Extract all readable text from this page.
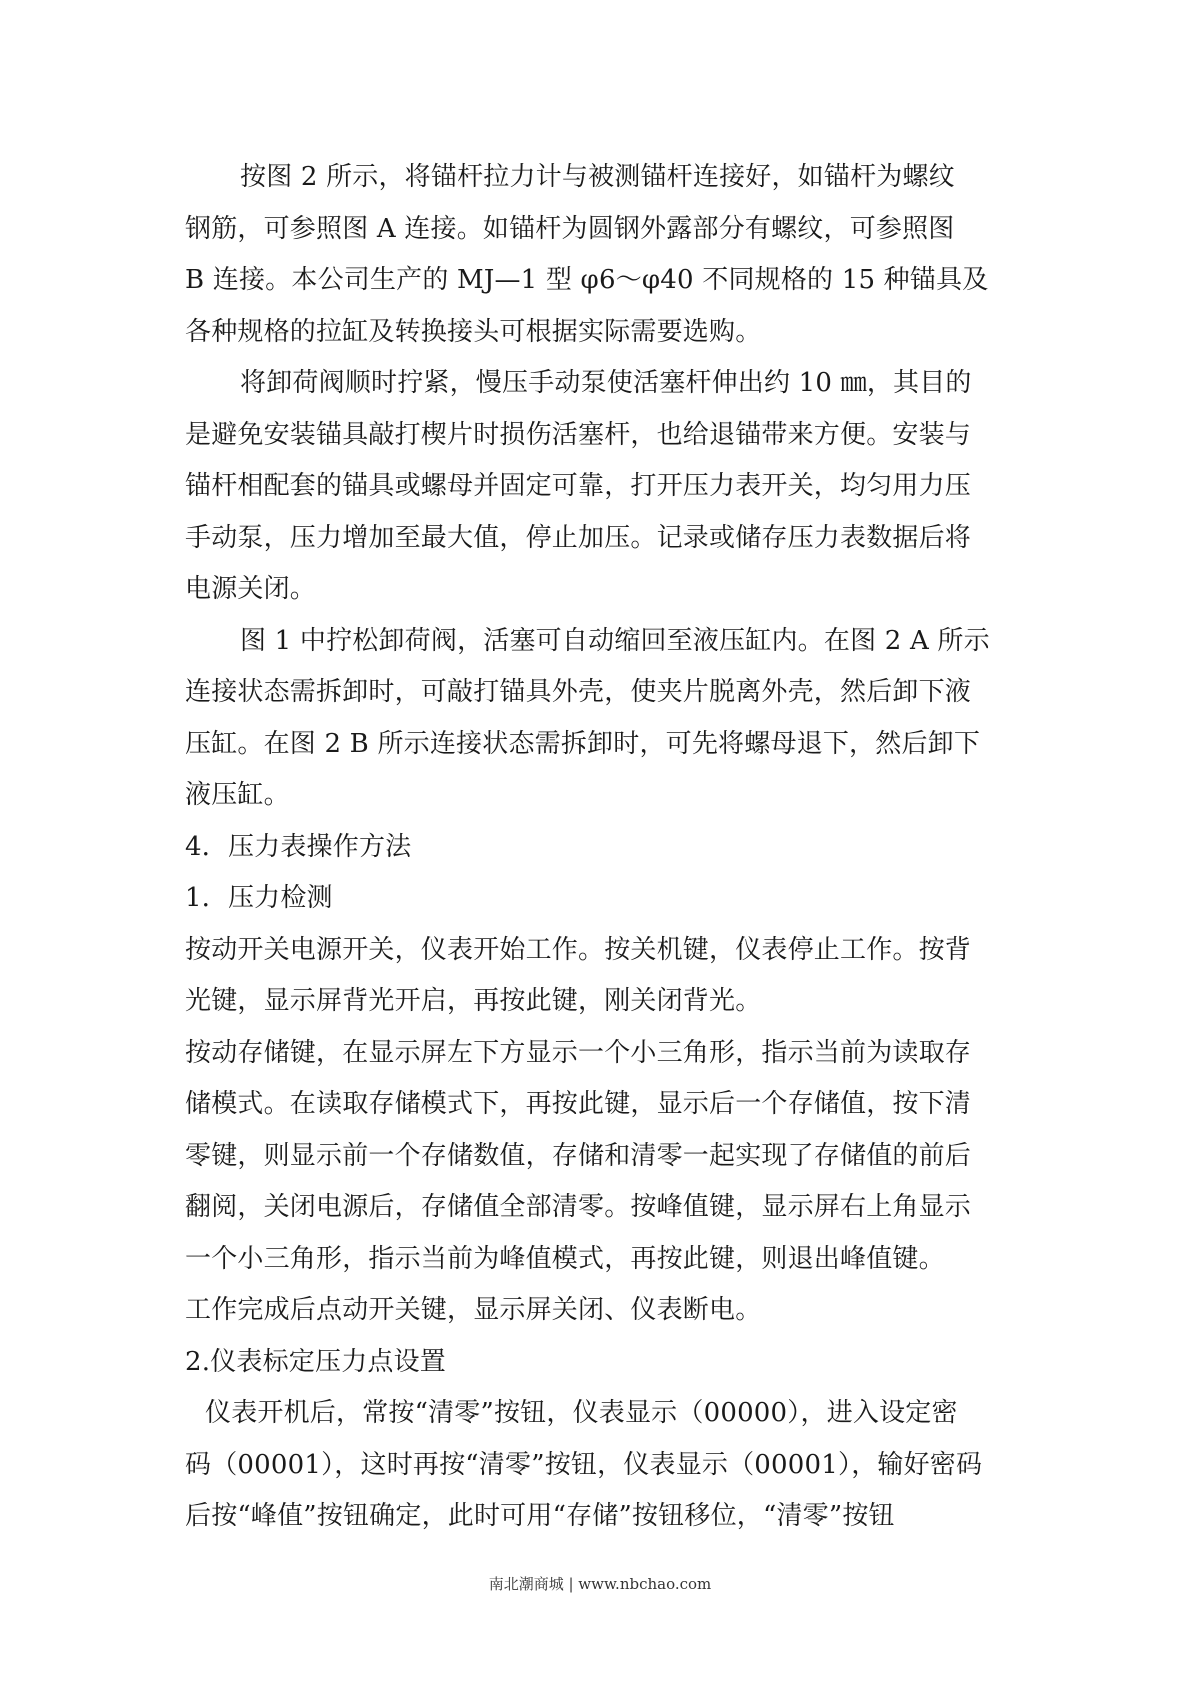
按图 2 所示，将锚杆拉力计与被测锚杆连接好，如锚杆为螺纹
钢筋，可参照图 A 连接。如锚杆为圆钢外露部分有螺纹，可参照图
B 连接。本公司生产的 MJ—1 型 φ6～φ40 不同规格的 15 种锚具及
各种规格的拉缸及转换接头可根据实际需要选购。
将卸荷阀顺时拧紧，慢压手动泵使活塞杆伸出约 10 ㎜，其目的
是避免安装锚具敲打楔片时损伤活塞杆，也给退锚带来方便。安装与
锚杆相配套的锚具或螺母并固定可靠，打开压力表开关，均匀用力压
手动泵，压力增加至最大值，停止加压。记录或储存压力表数据后将
电源关闭。
图 1 中拧松卸荷阀，活塞可自动缩回至液压缸内。在图 2 A 所示
连接状态需拆卸时，可敲打锚具外壳，使夹片脱离外壳，然后卸下液
压缸。在图 2 B 所示连接状态需拆卸时，可先将螺母退下，然后卸下
液压缸。
4．压力表操作方法
1．压力检测
按动开关电源开关，仪表开始工作。按关机键，仪表停止工作。按背
光键，显示屏背光开启，再按此键，刚关闭背光。
按动存储键，在显示屏左下方显示一个小三角形，指示当前为读取存
储模式。在读取存储模式下，再按此键，显示后一个存储值，按下清
零键，则显示前一个存储数值，存储和清零一起实现了存储值的前后
翻阅，关闭电源后，存储值全部清零。按峰值键，显示屏右上角显示
一个小三角形，指示当前为峰值模式，再按此键，则退出峰值键。
工作完成后点动开关键，显示屏关闭、仪表断电。
2.仪表标定压力点设置
仪表开机后，常按“清零”按钮，仪表显示（00000），进入设定密
码（00001），这时再按“清零”按钮，仪表显示（00001），输好密码
后按“峰值”按钮确定，此时可用“存储”按钮移位，“清零”按钮
南北潮商城 | www.nbchao.com
